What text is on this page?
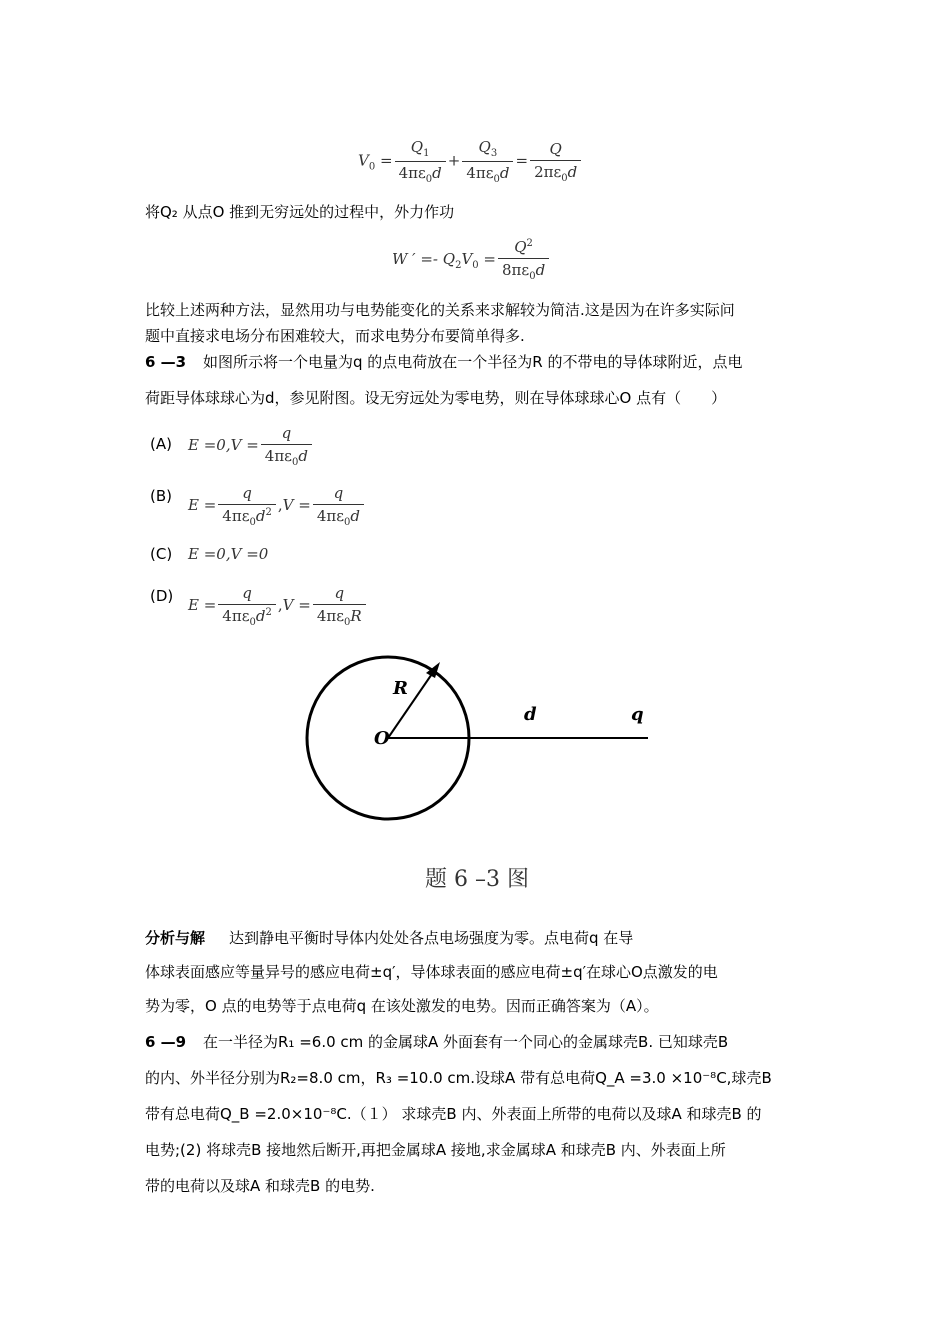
$V_0 = \frac{Q_1}{4\pi\varepsilon_0d} + \frac{Q_3}{4\pi\varepsilon_0d} = \frac{Q}{2\pi\varepsilon_0d}$
将Q₂ 从点O 推到无穷远处的过程中，外力作功
W ′ =- $Q_2V_0 = \frac{Q^2}{8\pi\varepsilon_0d}$
比较上述两种方法，显然用功与电势能变化的关系来求解较为简洁.这是因为在许多实际问
题中直接求电场分布困难较大，而求电势分布要简单得多.
6 —3 如图所示将一个电量为q 的点电荷放在一个半径为R 的不带电的导体球附近，点电
荷距导体球球心为d，参见附图。设无穷远处为零电势，则在导体球球心O 点有（　　）
(A) $E =0,V = \frac{q}{4\pi\varepsilon_0d}$
(B) $E = \frac{q}{4\pi\varepsilon_0d^2} ,V = \frac{q}{4\pi\varepsilon_0d}$
(C) E =0,V =0
(D) $E = \frac{q}{4\pi\varepsilon_0d^2} ,V = \frac{q}{4\pi\varepsilon_0R}$
R
O
d	q
题 6 –3 图
分析与解 达到静电平衡时导体内处处各点电场强度为零。点电荷q 在导
体球表面感应等量异号的感应电荷±q′，导体球表面的感应电荷±q′在球心O点激发的电
势为零，O 点的电势等于点电荷q 在该处激发的电势。因而正确答案为（A）。
6 —9 在一半径为R₁ =6.0 cm 的金属球A 外面套有一个同心的金属球壳B. 已知球壳B
的内、外半径分别为R₂=8.0 cm，R₃ =10.0 cm.设球A 带有总电荷Q_A =3.0 ×10⁻⁸C,球壳B
带有总电荷Q_B =2.0×10⁻⁸C.（１） 求球壳B 内、外表面上所带的电荷以及球A 和球壳B 的
电势;(2) 将球壳B 接地然后断开,再把金属球A 接地,求金属球A 和球壳B 内、外表面上所
带的电荷以及球A 和球壳B 的电势.
